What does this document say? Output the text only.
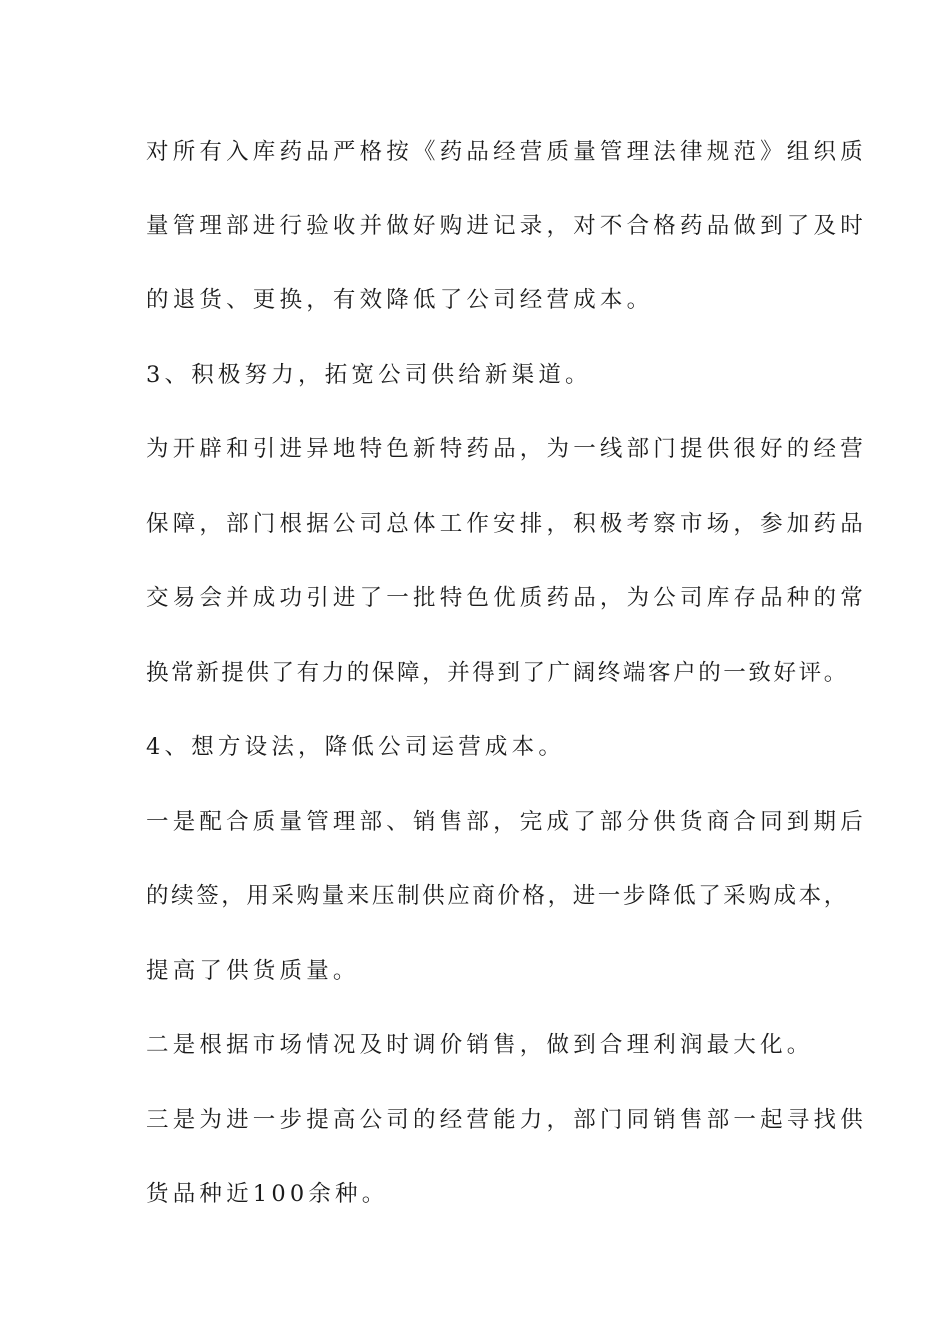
对所有入库药品严格按《药品经营质量管理法律规范》组织质
量管理部进行验收并做好购进记录，对不合格药品做到了及时
的退货、更换，有效降低了公司经营成本。
3、积极努力，拓宽公司供给新渠道。
为开辟和引进异地特色新特药品，为一线部门提供很好的经营
保障，部门根据公司总体工作安排，积极考察市场，参加药品
交易会并成功引进了一批特色优质药品，为公司库存品种的常
换常新提供了有力的保障，并得到了广阔终端客户的一致好评。
4、想方设法，降低公司运营成本。
一是配合质量管理部、销售部，完成了部分供货商合同到期后
的续签，用采购量来压制供应商价格，进一步降低了采购成本，
提高了供货质量。
二是根据市场情况及时调价销售，做到合理利润最大化。
三是为进一步提高公司的经营能力，部门同销售部一起寻找供
货品种近100余种。
